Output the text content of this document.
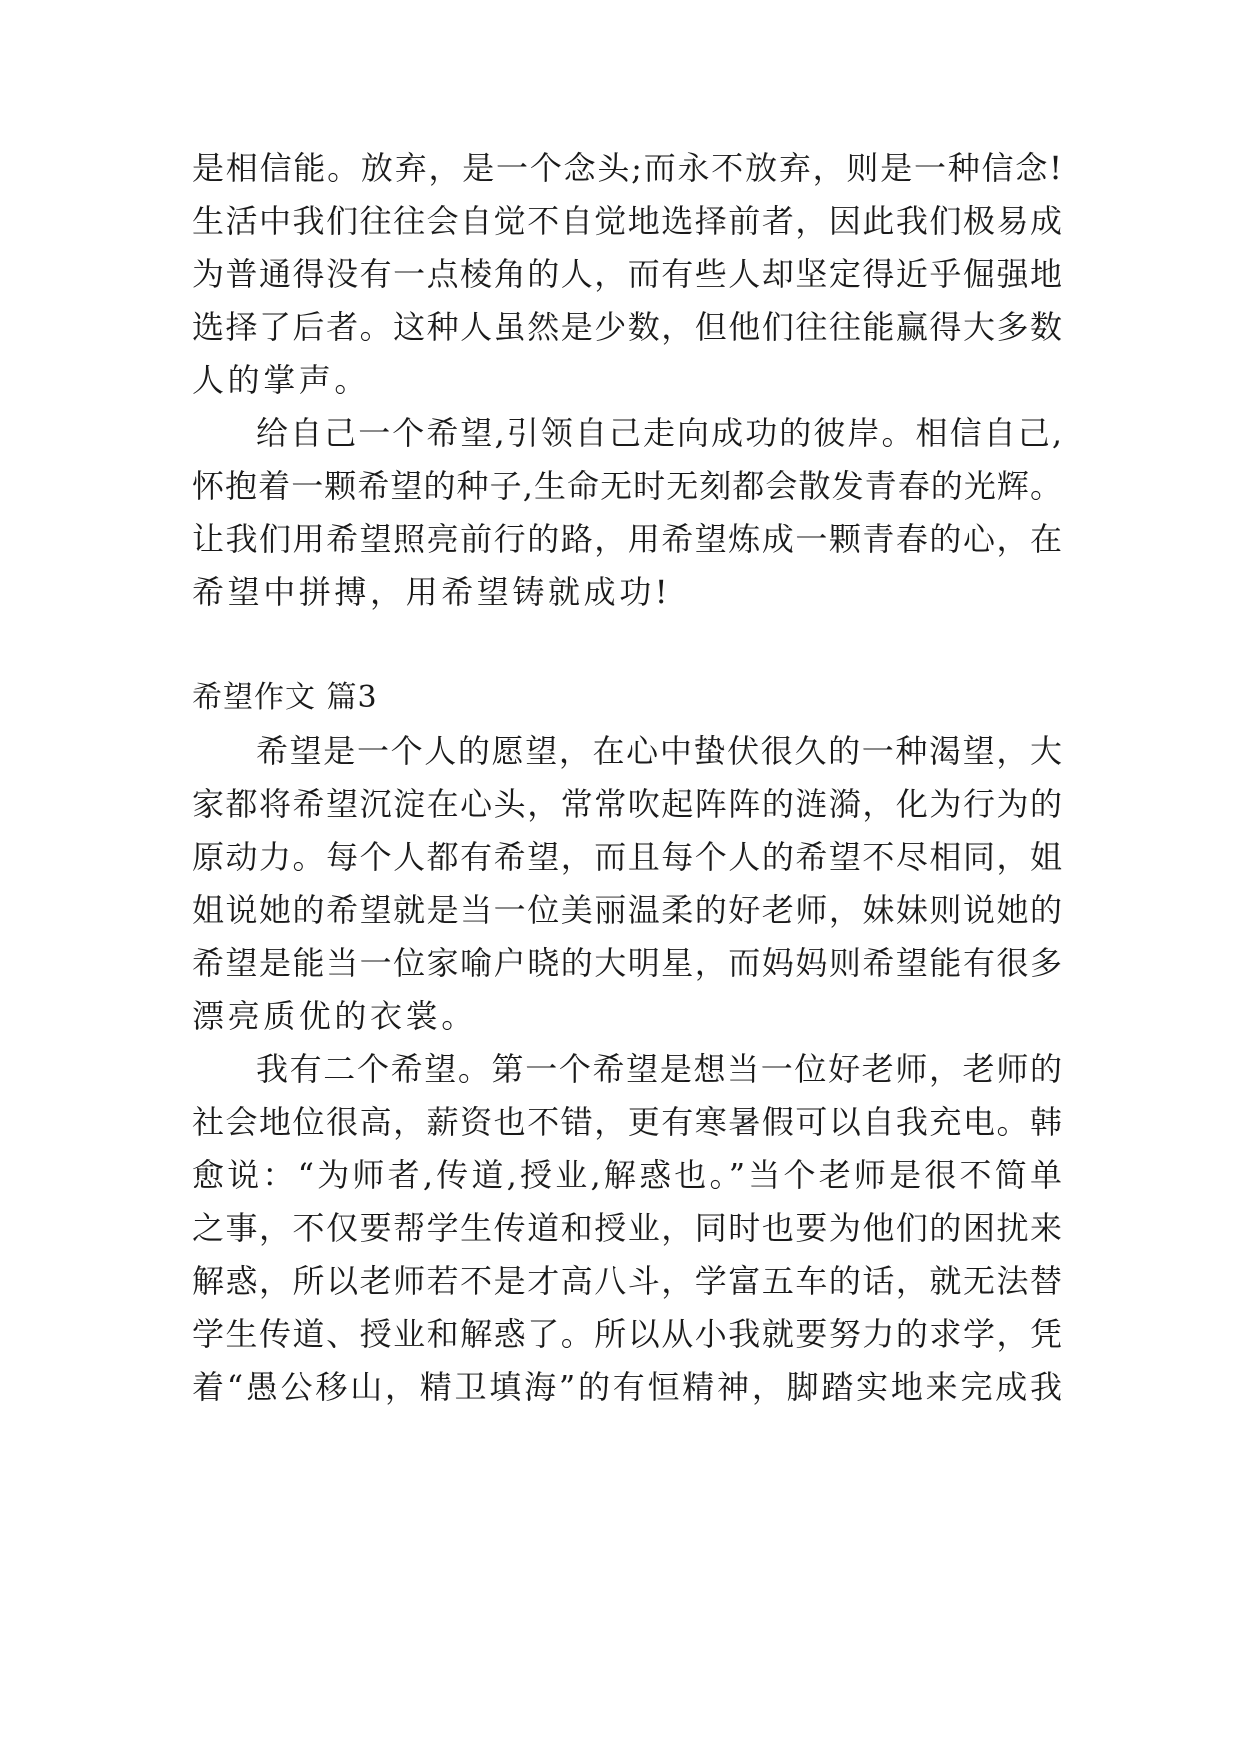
是相信能。放弃，是一个念头;而永不放弃，则是一种信念!
生活中我们往往会自觉不自觉地选择前者，因此我们极易成
为普通得没有一点棱角的人，而有些人却坚定得近乎倔强地
选择了后者。这种人虽然是少数，但他们往往能赢得大多数
人的掌声。
给自己一个希望,引领自己走向成功的彼岸。相信自己,
怀抱着一颗希望的种子,生命无时无刻都会散发青春的光辉。
让我们用希望照亮前行的路，用希望炼成一颗青春的心，在
希望中拼搏，用希望铸就成功!
希望作文 篇3
希望是一个人的愿望，在心中蛰伏很久的一种渴望，大
家都将希望沉淀在心头，常常吹起阵阵的涟漪，化为行为的
原动力。每个人都有希望，而且每个人的希望不尽相同，姐
姐说她的希望就是当一位美丽温柔的好老师，妹妹则说她的
希望是能当一位家喻户晓的大明星，而妈妈则希望能有很多
漂亮质优的衣裳。
我有二个希望。第一个希望是想当一位好老师，老师的
社会地位很高，薪资也不错，更有寒暑假可以自我充电。韩
愈说：“为师者,传道,授业,解惑也。”当个老师是很不简单
之事，不仅要帮学生传道和授业，同时也要为他们的困扰来
解惑，所以老师若不是才高八斗，学富五车的话，就无法替
学生传道、授业和解惑了。所以从小我就要努力的求学，凭
着“愚公移山，精卫填海”的有恒精神，脚踏实地来完成我
